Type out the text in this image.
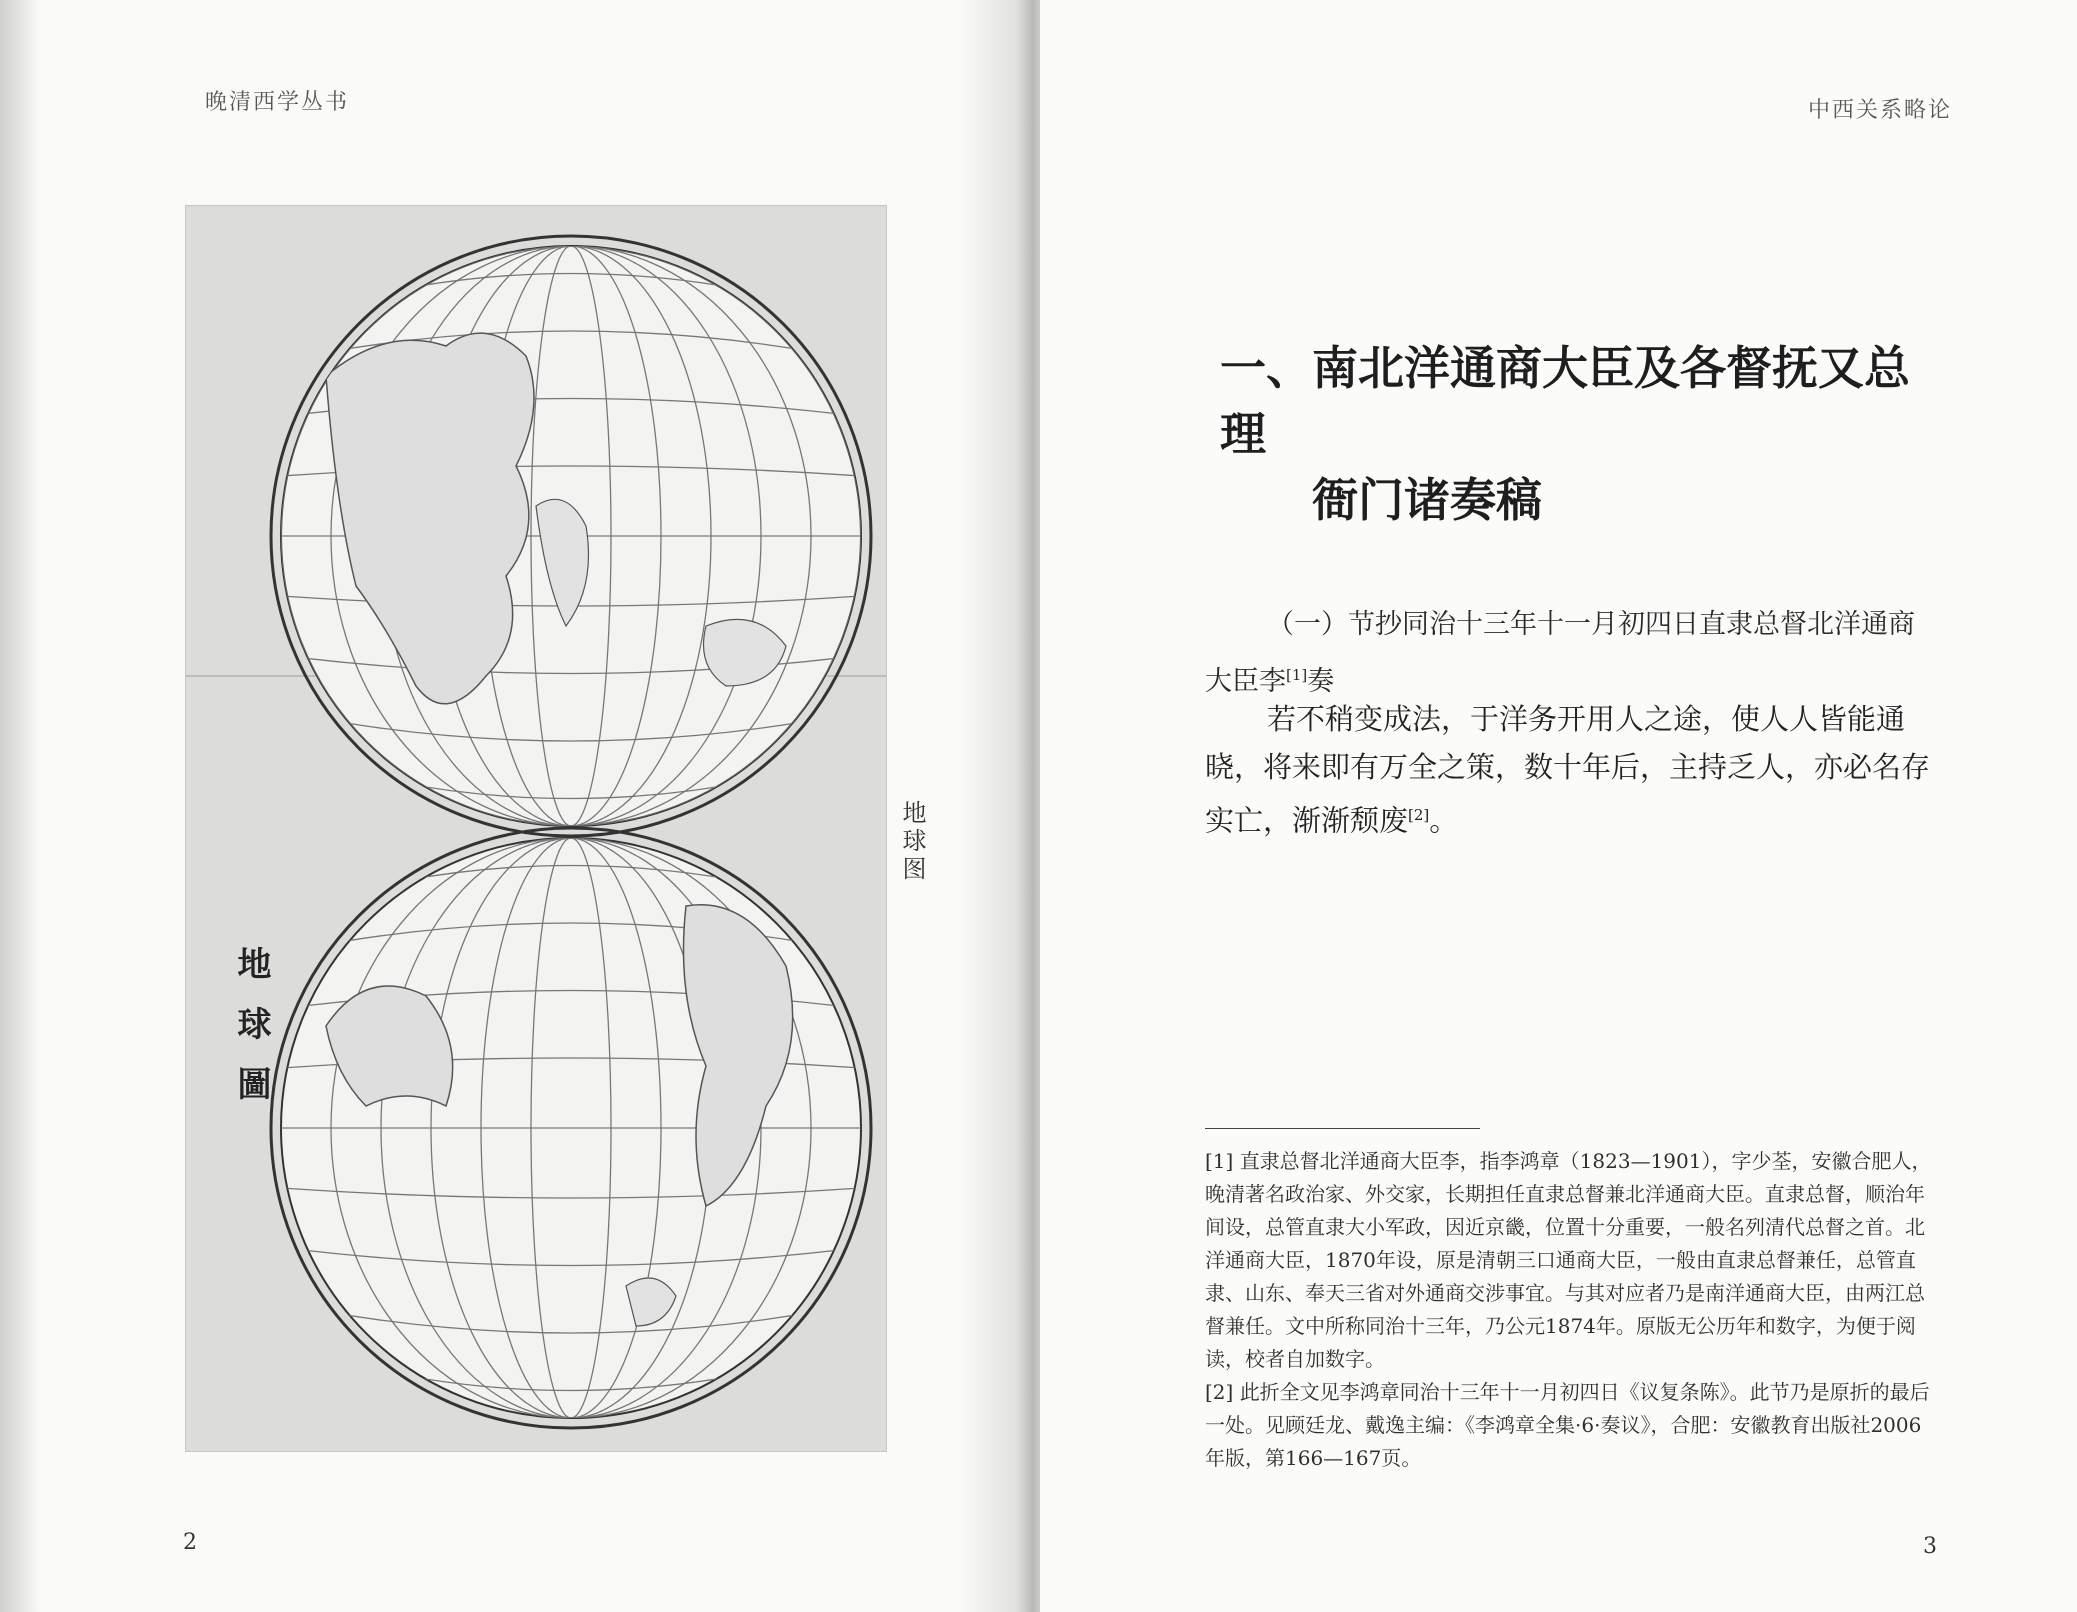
晚清西学丛书
地球圖
地球图
2
中西关系略论
3
一、南北洋通商大臣及各督抚又总理
衙门诸奏稿
（一）节抄同治十三年十一月初四日直隶总督北洋通商大臣李[1]奏
若不稍变成法，于洋务开用人之途，使人人皆能通晓，将来即有万全之策，数十年后，主持乏人，亦必名存实亡，渐渐颓废[2]。

[1] 直隶总督北洋通商大臣李，指李鸿章（1823—1901），字少荃，安徽合肥人，晚清著名政治家、外交家，长期担任直隶总督兼北洋通商大臣。直隶总督，顺治年间设，总管直隶大小军政，因近京畿，位置十分重要，一般名列清代总督之首。北洋通商大臣，1870年设，原是清朝三口通商大臣，一般由直隶总督兼任，总管直隶、山东、奉天三省对外通商交涉事宜。与其对应者乃是南洋通商大臣，由两江总督兼任。文中所称同治十三年，乃公元1874年。原版无公历年和数字，为便于阅读，校者自加数字。

[2] 此折全文见李鸿章同治十三年十一月初四日《议复条陈》。此节乃是原折的最后一处。见顾廷龙、戴逸主编：《李鸿章全集·6·奏议》，合肥：安徽教育出版社2006年版，第166—167页。
